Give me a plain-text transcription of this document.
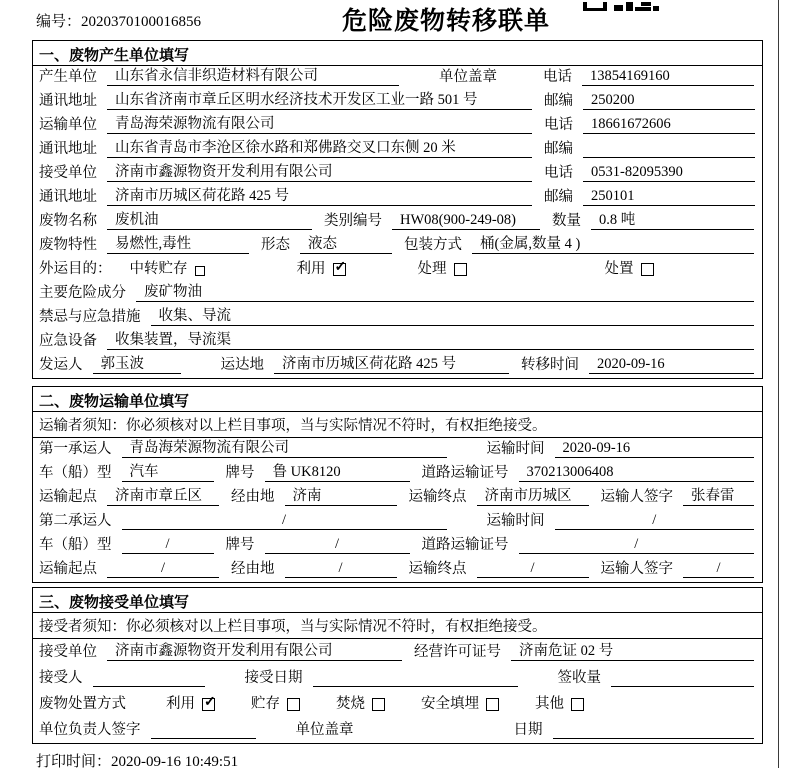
编号：2020370100016856	危险废物转移联单
一、废物产生单位填写
产生单位	山东省永信非织造材料有限公司	单位盖章	电话	13854169160
通讯地址	山东省济南市章丘区明水经济技术开发区工业一路 501 号	邮编	250200
运输单位	青岛海荣源物流有限公司	电话	18661672606
通讯地址	山东省青岛市李沧区徐水路和郑佛路交叉口东侧 20 米	邮编
接受单位	济南市鑫源物资开发利用有限公司	电话	0531-82095390
通讯地址	济南市历城区荷花路 425 号	邮编	250101
废物名称	废机油	类别编号	HW08(900-249-08)	数量	0.8 吨
废物特性	易燃性,毒性	形态	液态	包装方式	桶(金属,数量 4 )
外运目的： 中转贮存	利用 ✓	处理	处置
主要危险成分	废矿物油
禁忌与应急措施	收集、导流
应急设备	收集装置，导流渠
发运人	郭玉波	运达地	济南市历城区荷花路 425 号	转移时间	2020-09-16
二、废物运输单位填写
运输者须知：你必须核对以上栏目事项，当与实际情况不符时，有权拒绝接受。
第一承运人	青岛海荣源物流有限公司	运输时间	2020-09-16
车（船）型	汽车	牌号	鲁 UK8120	道路运输证号	370213006408
运输起点	济南市章丘区	经由地	济南	运输终点	济南市历城区	运输人签字	张春雷
第二承运人	/	运输时间	/
车（船）型	/	牌号	/	道路运输证号	/
运输起点	/	经由地	/	运输终点	/	运输人签字	/
三、废物接受单位填写
接受者须知：你必须核对以上栏目事项，当与实际情况不符时，有权拒绝接受。
接受单位	济南市鑫源物资开发利用有限公司	经营许可证号	济南危证 02 号
接受人	接受日期	签收量
废物处置方式	利用 ✓	贮存	焚烧	安全填埋	其他
单位负责人签字	单位盖章	日期
打印时间：2020-09-16 10:49:51
